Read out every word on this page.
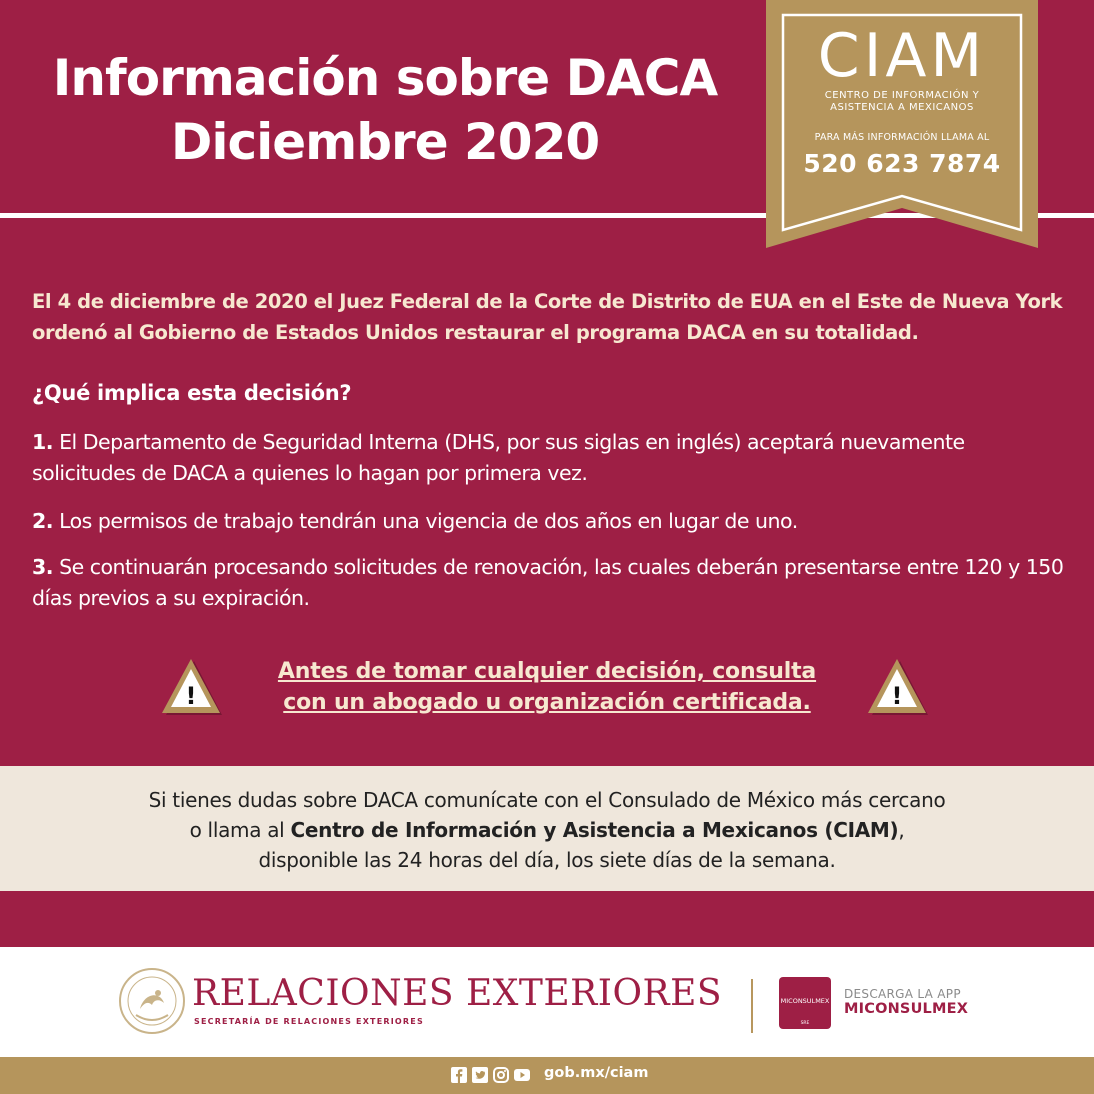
Información sobre DACA
Diciembre 2020
CIAM
CENTRO DE INFORMACIÓN Y
ASISTENCIA A MEXICANOS
PARA MÁS INFORMACIÓN LLAMA AL
520 623 7874
El 4 de diciembre de 2020 el Juez Federal de la Corte de Distrito de EUA en el Este de Nueva York ordenó al Gobierno de Estados Unidos restaurar el programa DACA en su totalidad.
¿Qué implica esta decisión?
1. El Departamento de Seguridad Interna (DHS, por sus siglas en inglés) aceptará nuevamente solicitudes de DACA a quienes lo hagan por primera vez.
2. Los permisos de trabajo tendrán una vigencia de dos años en lugar de uno.
3. Se continuarán procesando solicitudes de renovación, las cuales deberán presentarse entre 120 y 150 días previos a su expiración.
!
Antes de tomar cualquier decisión, consulta
con un abogado u organización certificada.	!
Si tienes dudas sobre DACA comunícate con el Consulado de México más cercano
o llama al Centro de Información y Asistencia a Mexicanos (CIAM),
disponible las 24 horas del día, los siete días de la semana.
RELACIONES EXTERIORES
SECRETARÍA DE RELACIONES EXTERIORES
MICONSULMEX
SRE
DESCARGA LA APP
MICONSULMEX
gob.mx/ciam
